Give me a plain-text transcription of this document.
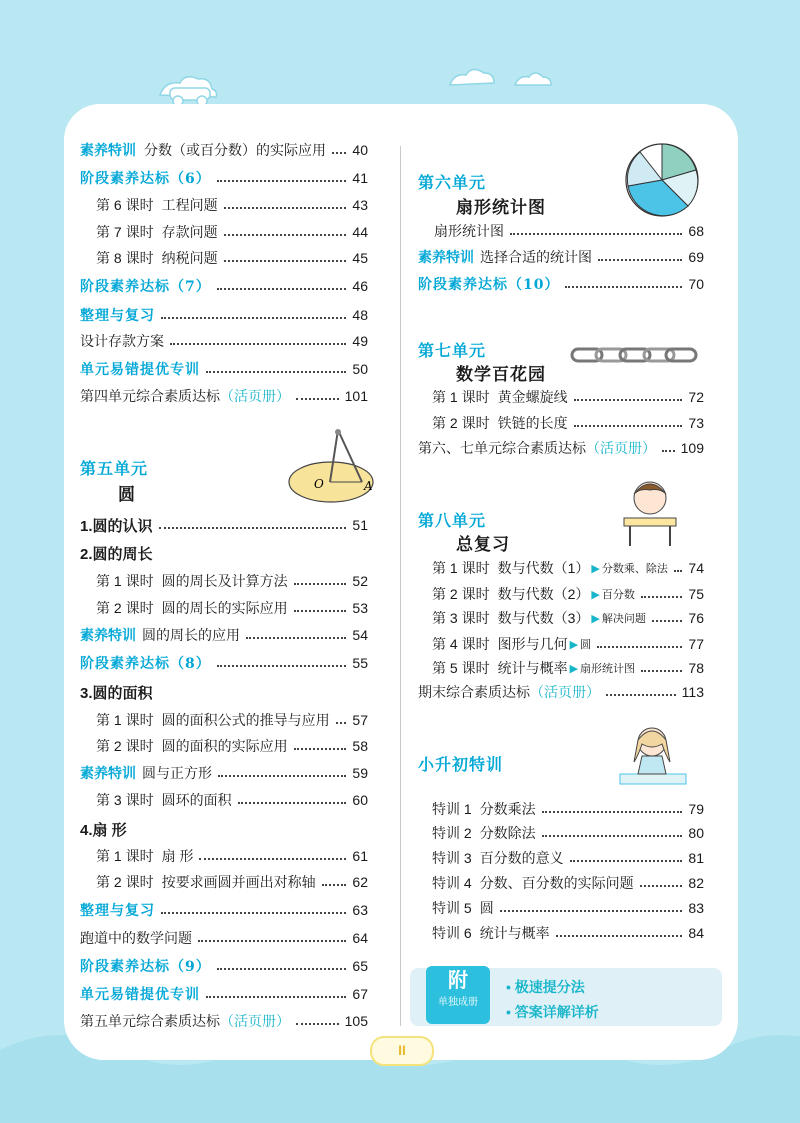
素养特训 分数（或百分数）的实际应用 40
阶段素养达标（6）	41
第 6 课时 工程问题	43
第 7 课时 存款问题	44
第 8 课时 纳税问题	45
阶段素养达标（7）	46
整理与复习	48
设计存款方案	49
单元易错提优专训	50
第四单元综合素质达标 （活页册）	101
第五单元
圆
O	A
1.圆的认识	51
2.圆的周长
第 1 课时 圆的周长及计算方法	52
第 2 课时 圆的周长的实际应用	53
素养特训 圆的周长的应用	54
阶段素养达标（8）	55
3.圆的面积
第 1 课时 圆的面积公式的推导与应用 57
第 2 课时 圆的面积的实际应用	58
素养特训 圆与正方形	59
第 3 课时 圆环的面积	60
4.扇 形
第 1 课时 扇 形	61
第 2 课时 按要求画圆并画出对称轴	62
整理与复习	63
跑道中的数学问题	64
阶段素养达标（9）	65
单元易错提优专训	67
第五单元综合素质达标 （活页册）	105
第六单元
扇形统计图
扇形统计图	68
素养特训 选择合适的统计图	69
阶段素养达标（10）	70
第七单元
数学百花园
第 1 课时 黄金螺旋线	72
第 2 课时 铁链的长度	73
第六、七单元综合素质达标 （活页册） 109
第八单元
总复习
第 1 课时 数与代数（1） ▶ 分数乘、除法 74
第 2 课时 数与代数（2） ▶ 百分数	75
第 3 课时 数与代数（3） ▶ 解决问题	76
第 4 课时 图形与几何 ▶ 圆	77
第 5 课时 统计与概率 ▶ 扇形统计图	78
期末综合素质达标 （活页册）	113
小升初特训
特训 1 分数乘法	79
特训 2 分数除法	80
特训 3 百分数的意义	81
特训 4 分数、百分数的实际问题	82
特训 5 圆	83
特训 6 统计与概率	84
附
单独成册
• 极速提分法
• 答案详解详析
II
